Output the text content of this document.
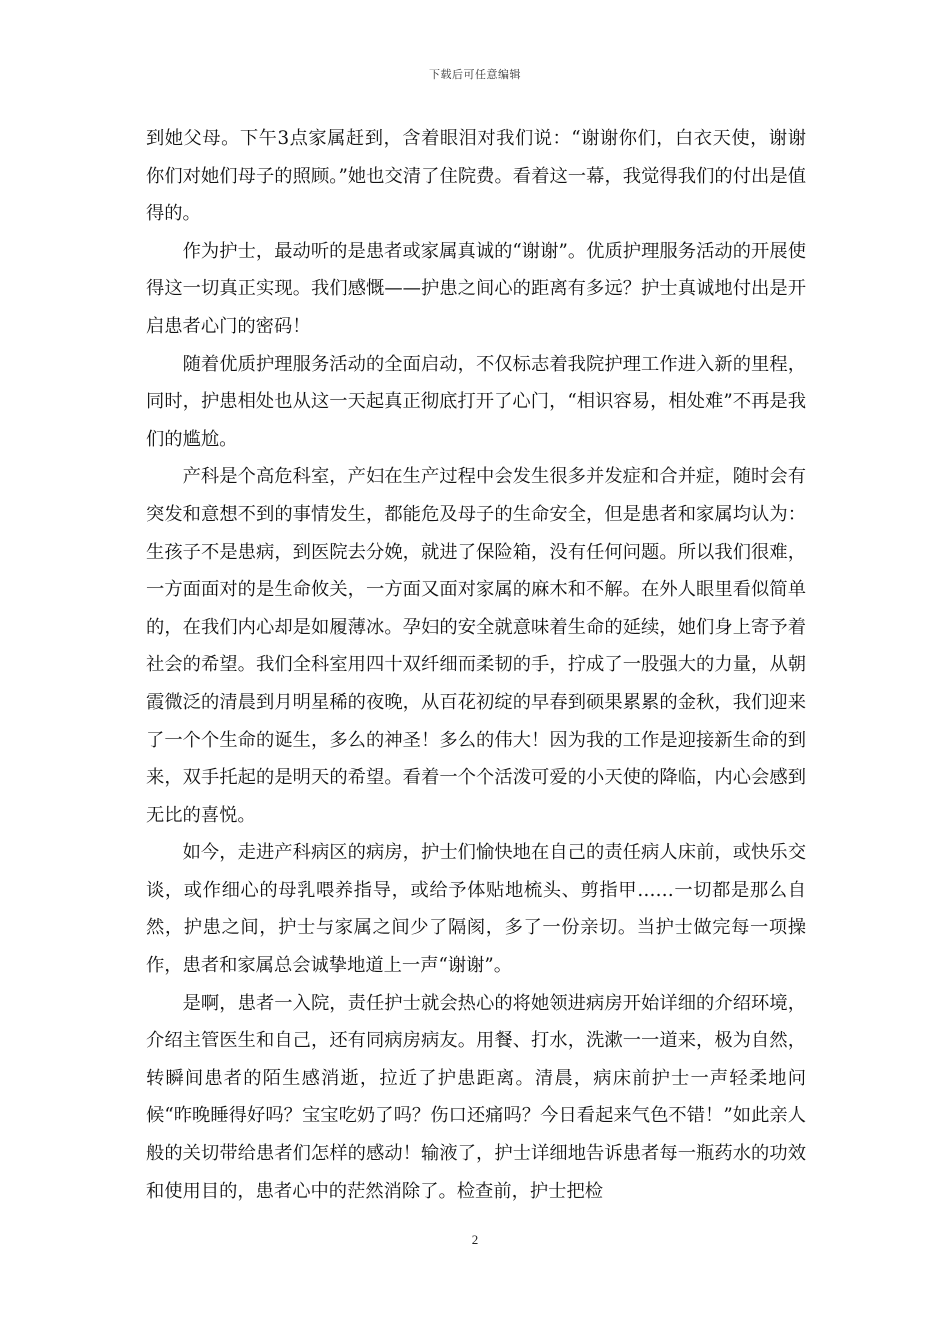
下载后可任意编辑

到她父母。下午3点家属赶到，含着眼泪对我们说：“谢谢你们，白衣天使，谢谢你们对她们母子的照顾。”她也交清了住院费。看着这一幕，我觉得我们的付出是值得的。

作为护士，最动听的是患者或家属真诚的“谢谢”。优质护理服务活动的开展使得这一切真正实现。我们感慨——护患之间心的距离有多远？护士真诚地付出是开启患者心门的密码！

随着优质护理服务活动的全面启动，不仅标志着我院护理工作进入新的里程，同时，护患相处也从这一天起真正彻底打开了心门，“相识容易，相处难”不再是我们的尴尬。

产科是个高危科室，产妇在生产过程中会发生很多并发症和合并症，随时会有突发和意想不到的事情发生，都能危及母子的生命安全，但是患者和家属均认为：生孩子不是患病，到医院去分娩，就进了保险箱，没有任何问题。所以我们很难，一方面面对的是生命攸关，一方面又面对家属的麻木和不解。在外人眼里看似简单的，在我们内心却是如履薄冰。孕妇的安全就意味着生命的延续，她们身上寄予着社会的希望。我们全科室用四十双纤细而柔韧的手，拧成了一股强大的力量，从朝霞微泛的清晨到月明星稀的夜晚，从百花初绽的早春到硕果累累的金秋，我们迎来了一个个生命的诞生，多么的神圣！多么的伟大！因为我的工作是迎接新生命的到来，双手托起的是明天的希望。看着一个个活泼可爱的小天使的降临，内心会感到无比的喜悦。

如今，走进产科病区的病房，护士们愉快地在自己的责任病人床前，或快乐交谈，或作细心的母乳喂养指导，或给予体贴地梳头、剪指甲……一切都是那么自然，护患之间，护士与家属之间少了隔阂，多了一份亲切。当护士做完每一项操作，患者和家属总会诚挚地道上一声“谢谢”。

是啊，患者一入院，责任护士就会热心的将她领进病房开始详细的介绍环境，介绍主管医生和自己，还有同病房病友。用餐、打水，洗漱一一道来，极为自然，转瞬间患者的陌生感消逝，拉近了护患距离。清晨，病床前护士一声轻柔地问候“昨晚睡得好吗？宝宝吃奶了吗？伤口还痛吗？今日看起来气色不错！”如此亲人般的关切带给患者们怎样的感动！输液了，护士详细地告诉患者每一瓶药水的功效和使用目的，患者心中的茫然消除了。检查前，护士把检

2
